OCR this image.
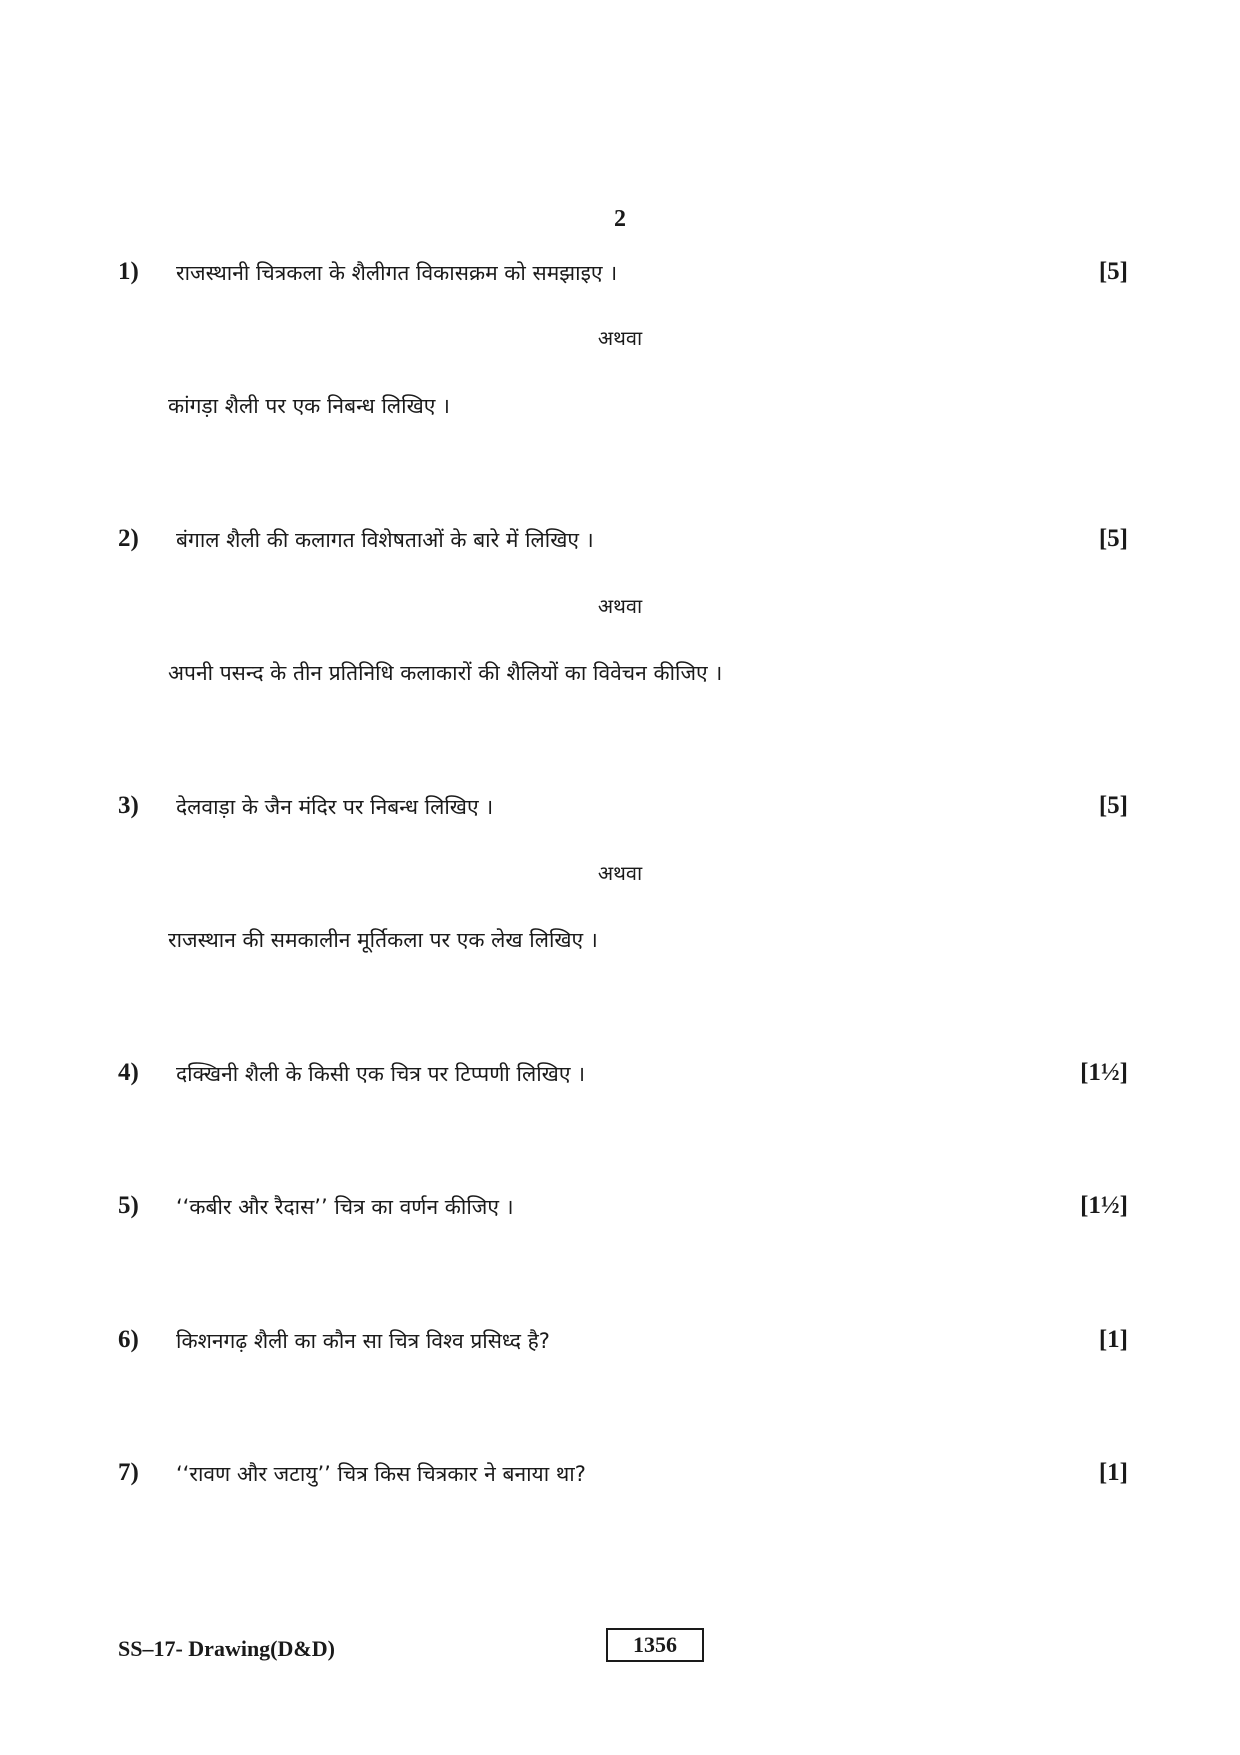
2
1) राजस्थानी चित्रकला के शैलीगत विकासक्रम को समझाइए ।	[5]
अथवा
कांगड़ा शैली पर एक निबन्ध लिखिए ।
2) बंगाल शैली की कलागत विशेषताओं के बारे में लिखिए ।	[5]
अथवा
अपनी पसन्द के तीन प्रतिनिधि कलाकारों की शैलियों का विवेचन कीजिए ।
3) देलवाड़ा के जैन मंदिर पर निबन्ध लिखिए ।	[5]
अथवा
राजस्थान की समकालीन मूर्तिकला पर एक लेख लिखिए ।
4) दक्खिनी शैली के किसी एक चित्र पर टिप्पणी लिखिए ।	[1½]
5) ‘‘कबीर और रैदास’’ चित्र का वर्णन कीजिए ।	[1½]
6) किशनगढ़ शैली का कौन सा चित्र विश्व प्रसिध्द है?	[1]
7) ‘‘रावण और जटायु’’ चित्र किस चित्रकार ने बनाया था?	[1]
SS–17- Drawing(D&D)	1356
